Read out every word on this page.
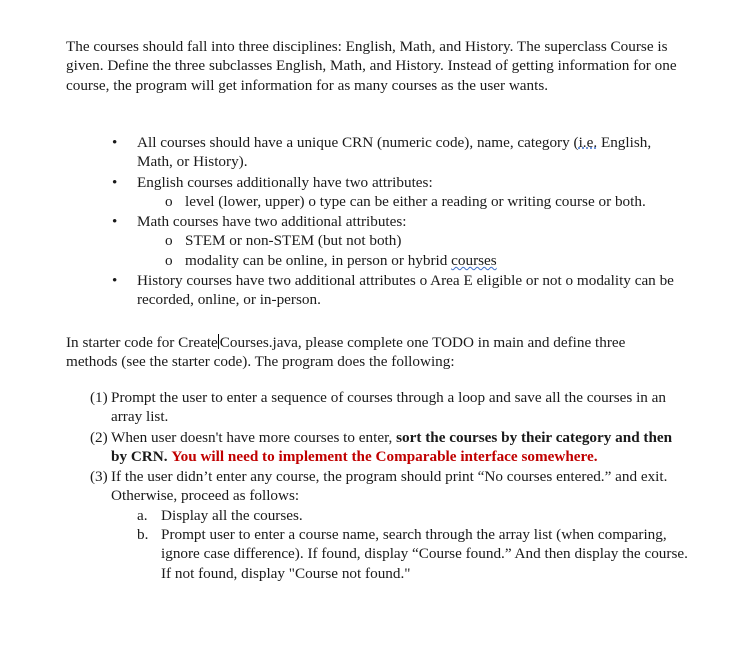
The courses should fall into three disciplines: English, Math, and History. The superclass Course is given. Define the three subclasses English, Math, and History. Instead of getting information for one course, the program will get information for as many courses as the user wants.

• All courses should have a unique CRN (numeric code), name, category (i.e. English, Math, or History).
• English courses additionally have two attributes:
o level (lower, upper) o type can be either a reading or writing course or both.
• Math courses have two additional attributes:
o STEM or non-STEM (but not both)
o modality can be online, in person or hybrid courses
• History courses have two additional attributes o Area E eligible or not o modality can be recorded, online, or in-person.

In starter code for Create Courses.java, please complete one TODO in main and define three methods (see the starter code). The program does the following:

(1) Prompt the user to enter a sequence of courses through a loop and save all the courses in an array list.
(2) When user doesn't have more courses to enter, sort the courses by their category and then by CRN. You will need to implement the Comparable interface somewhere.
(3) If the user didn’t enter any course, the program should print “No courses entered.” and exit. Otherwise, proceed as follows:
a. Display all the courses.
b. Prompt user to enter a course name, search through the array list (when comparing, ignore case difference). If found, display “Course found.” And then display the course. If not found, display "Course not found."
